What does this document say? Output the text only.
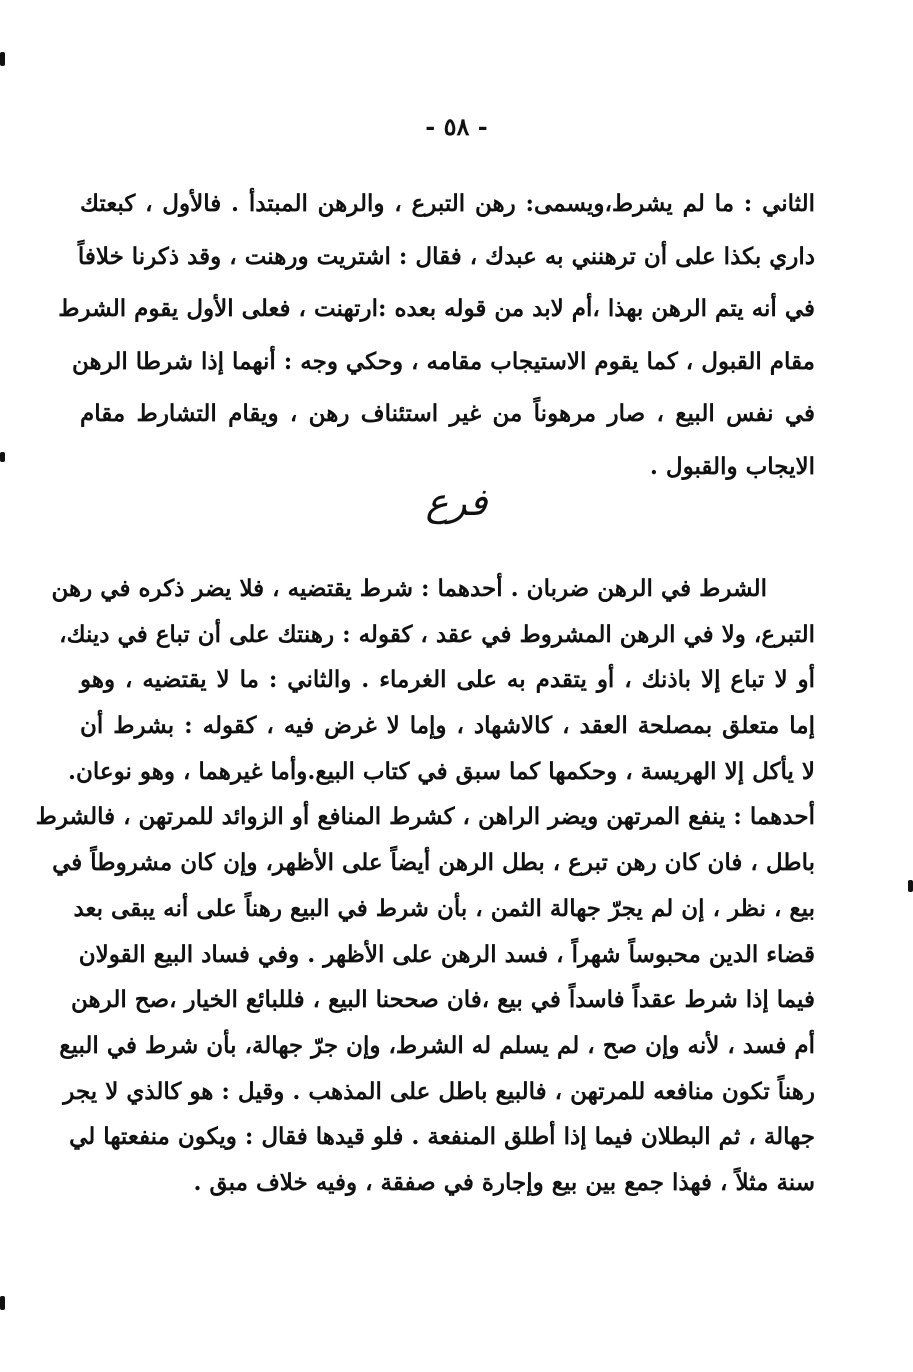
- ٥٨ -
الثاني : ما لم يشرط،ويسمى: رهن التبرع ، والرهن المبتدأ . فالأول ، كبعتك
داري بكذا على أن ترهنني به عبدك ، فقال : اشتريت ورهنت ، وقد ذكرنا خلافاً
في أنه يتم الرهن بهذا ،أم لابد من قوله بعده :ارتهنت ، فعلى الأول يقوم الشرط
مقام القبول ، كما يقوم الاستيجاب مقامه ، وحكي وجه : أنهما إذا شرطا الرهن
في نفس البيع ، صار مرهوناً من غير استئناف رهن ، ويقام التشارط مقام
الايجاب والقبول .
فرع
الشرط في الرهن ضربان . أحدهما : شرط يقتضيه ، فلا يضر ذكره في رهن
التبرع، ولا في الرهن المشروط في عقد ، كقوله : رهنتك على أن تباع في دينك،
أو لا تباع إلا باذنك ، أو يتقدم به على الغرماء . والثاني : ما لا يقتضيه ، وهو
إما متعلق بمصلحة العقد ، كالاشهاد ، وإما لا غرض فيه ، كقوله : بشرط أن
لا يأكل إلا الهريسة ، وحكمها كما سبق في كتاب البيع.وأما غيرهما ، وهو نوعان.
أحدهما : ينفع المرتهن ويضر الراهن ، كشرط المنافع أو الزوائد للمرتهن ، فالشرط
باطل ، فان كان رهن تبرع ، بطل الرهن أيضاً على الأظهر، وإن كان مشروطاً في
بيع ، نظر ، إن لم يجرّ جهالة الثمن ، بأن شرط في البيع رهناً على أنه يبقى بعد
قضاء الدين محبوساً شهراً ، فسد الرهن على الأظهر . وفي فساد البيع القولان
فيما إذا شرط عقداً فاسداً في بيع ،فان صححنا البيع ، فللبائع الخيار ،صح الرهن
أم فسد ، لأنه وإن صح ، لم يسلم له الشرط، وإن جرّ جهالة، بأن شرط في البيع
رهناً تكون منافعه للمرتهن ، فالبيع باطل على المذهب . وقيل : هو كالذي لا يجر
جهالة ، ثم البطلان فيما إذا أطلق المنفعة . فلو قيدها فقال : ويكون منفعتها لي
سنة مثلاً ، فهذا جمع بين بيع وإجارة في صفقة ، وفيه خلاف مبق .
